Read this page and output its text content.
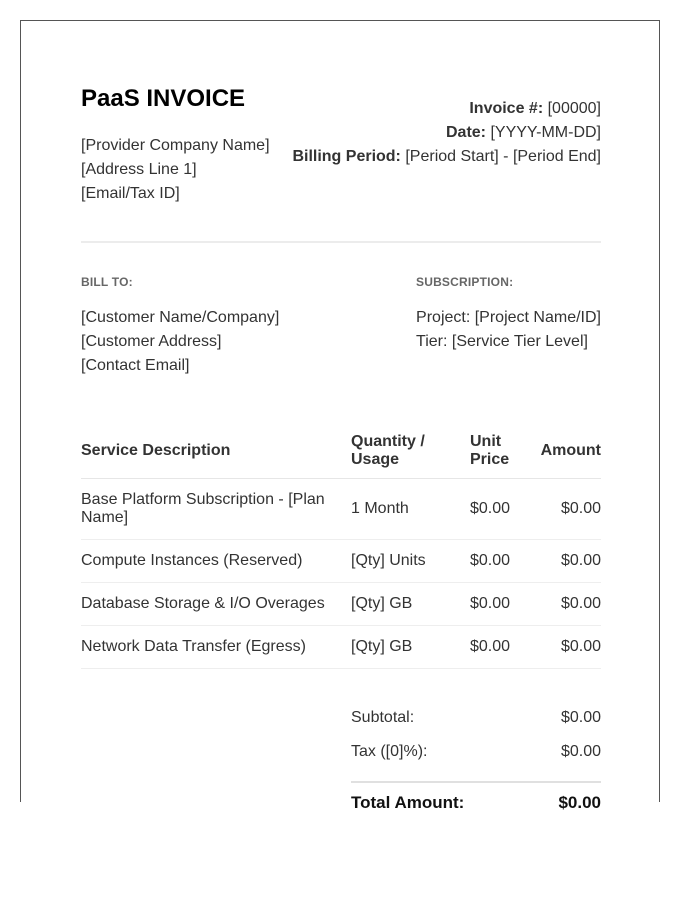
PaaS INVOICE
[Provider Company Name]
[Address Line 1]
[Email/Tax ID]
Invoice #: [00000]
Date: [YYYY-MM-DD]
Billing Period: [Period Start] - [Period End]
BILL TO:	SUBSCRIPTION:
[Customer Name/Company]
[Customer Address]
[Contact Email]
Project: [Project Name/ID]
Tier: [Service Tier Level]
Service Description	Quantity / Usage	Unit Price	Amount
Base Platform Subscription - [Plan Name]	1 Month	$0.00	$0.00
Compute Instances (Reserved)	[Qty] Units	$0.00	$0.00
Database Storage & I/O Overages	[Qty] GB	$0.00	$0.00
Network Data Transfer (Egress)	[Qty] GB	$0.00	$0.00
Subtotal:	$0.00
Tax ([0]%):	$0.00
Total Amount:	$0.00
